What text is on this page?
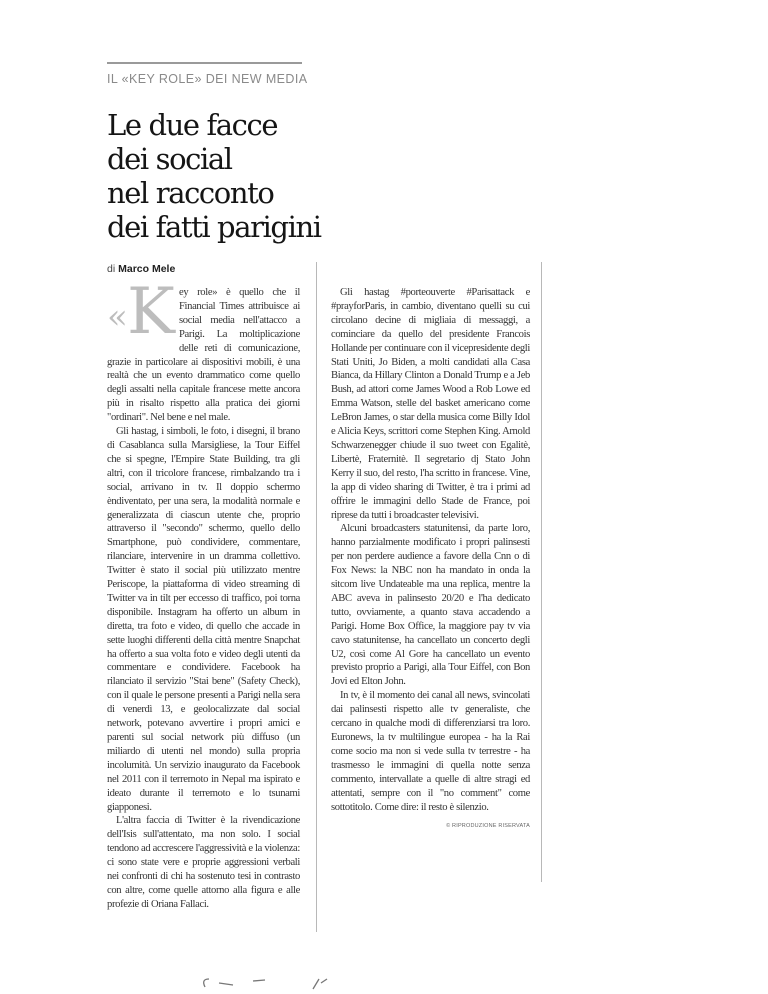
IL «KEY ROLE» DEI NEW MEDIA
Le due facce
dei social
nel racconto
dei fatti parigini
di Marco Mele
« K ey role» è quello che il Financial Times attribuisce ai social media nell'attacco a Parigi. La moltiplicazione delle reti di comunicazione, grazie in particolare ai dispositivi mobili, è una realtà che un evento drammatico come quello degli assalti nella capitale francese mette ancora più in risalto rispetto alla pratica dei giorni "ordinari". Nel bene e nel male.

Gli hastag, i simboli, le foto, i disegni, il brano di Casablanca sulla Marsigliese, la Tour Eiffel che si spegne, l'Empire State Building, tra gli altri, con il tricolore francese, rimbalzando tra i social, arrivano in tv. Il doppio schermo èndiventato, per una sera, la modalità normale e generalizzata di ciascun utente che, proprio attraverso il "secondo" schermo, quello dello Smartphone, può condividere, commentare, rilanciare, intervenire in un dramma collettivo. Twitter è stato il social più utilizzato mentre Periscope, la piattaforma di video streaming di Twitter va in tilt per eccesso di traffico, poi torna disponibile. Instagram ha offerto un album in diretta, tra foto e video, di quello che accade in sette luoghi differenti della città mentre Snapchat ha offerto a sua volta foto e video degli utenti da commentare e condividere. Facebook ha rilanciato il servizio "Stai bene" (Safety Check), con il quale le persone presenti a Parigi nella sera di venerdì 13, e geolocalizzate dal social network, potevano avvertire i propri amici e parenti sul social network più diffuso (un miliardo di utenti nel mondo) sulla propria incolumità. Un servizio inaugurato da Facebook nel 2011 con il terremoto in Nepal ma ispirato e ideato durante il terremoto e lo tsunami giapponesi.

L'altra faccia di Twitter è la rivendicazione dell'Isis sull'attentato, ma non solo. I social tendono ad accrescere l'aggressività e la violenza: ci sono state vere e proprie aggressioni verbali nei confronti di chi ha sostenuto tesi in contrasto con altre, come quelle attorno alla figura e alle profezie di Oriana Fallaci.

Gli hastag #porteouverte #Parisattack e #prayforParis, in cambio, diventano quelli su cui circolano decine di migliaia di messaggi, a cominciare da quello del presidente Francois Hollande per continuare con il vicepresidente degli Stati Uniti, Jo Biden, a molti candidati alla Casa Bianca, da Hillary Clinton a Donald Trump e a Jeb Bush, ad attori come James Wood a Rob Lowe ed Emma Watson, stelle del basket americano come LeBron James, o star della musica come Billy Idol e Alicia Keys, scrittori come Stephen King. Arnold Schwarzenegger chiude il suo tweet con Egalitè, Libertè, Fraternitè. Il segretario dj Stato John Kerry il suo, del resto, l'ha scritto in francese. Vine, la app di video sharing di Twitter, è tra i primi ad offrire le immagini dello Stade de France, poi riprese da tutti i broadcaster televisivi.

Alcuni broadcasters statunitensi, da parte loro, hanno parzialmente modificato i propri palinsesti per non perdere audience a favore della Cnn o di Fox News: la NBC non ha mandato in onda la sitcom live Undateable ma una replica, mentre la ABC aveva in palinsesto 20/20 e l'ha dedicato tutto, ovviamente, a quanto stava accadendo a Parigi. Home Box Office, la maggiore pay tv via cavo statunitense, ha cancellato un concerto degli U2, così come Al Gore ha cancellato un evento previsto proprio a Parigi, alla Tour Eiffel, con Bon Jovi ed Elton John.

In tv, è il momento dei canal all news, svincolati dai palinsesti rispetto alle tv generaliste, che cercano in qualche modi di differenziarsi tra loro. Euronews, la tv multilingue europea - ha la Rai come socio ma non si vede sulla tv terrestre - ha trasmesso le immagini di quella notte senza commento, intervallate a quelle di altre stragi ed attentati, sempre con il "no comment" come sottotitolo. Come dire: il resto è silenzio.

© RIPRODUZIONE RISERVATA
